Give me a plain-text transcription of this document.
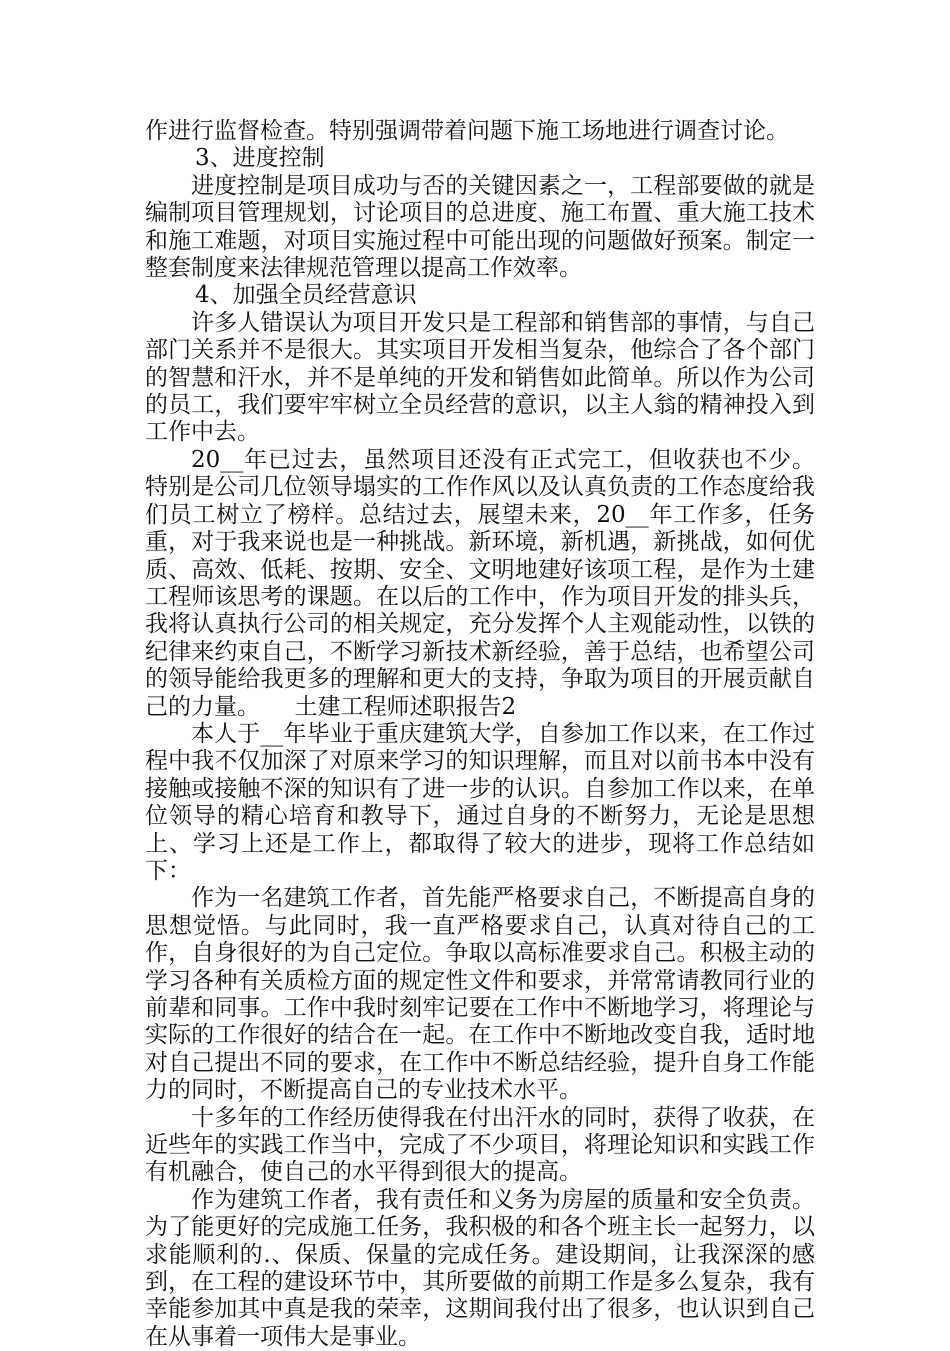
作进行监督检查。特别强调带着问题下施工场地进行调查讨论。

3、进度控制

进度控制是项目成功与否的关键因素之一，工程部要做的就是编制项目管理规划，讨论项目的总进度、施工布置、重大施工技术和施工难题，对项目实施过程中可能出现的问题做好预案。制定一整套制度来法律规范管理以提高工作效率。

4、加强全员经营意识

许多人错误认为项目开发只是工程部和销售部的事情，与自己部门关系并不是很大。其实项目开发相当复杂，他综合了各个部门的智慧和汗水，并不是单纯的开发和销售如此简单。所以作为公司的员工，我们要牢牢树立全员经营的意识，以主人翁的精神投入到工作中去。

20__年已过去，虽然项目还没有正式完工，但收获也不少。特别是公司几位领导塌实的工作作风以及认真负责的工作态度给我们员工树立了榜样。总结过去，展望未来，20__年工作多，任务重，对于我来说也是一种挑战。新环境，新机遇，新挑战，如何优质、高效、低耗、按期、安全、文明地建好该项工程，是作为土建工程师该思考的课题。在以后的工作中，作为项目开发的排头兵，我将认真执行公司的相关规定，充分发挥个人主观能动性，以铁的纪律来约束自己，不断学习新技术新经验，善于总结，也希望公司的领导能给我更多的理解和更大的支持，争取为项目的开展贡献自己的力量。　　土建工程师述职报告2

本人于__年毕业于重庆建筑大学，自参加工作以来，在工作过程中我不仅加深了对原来学习的知识理解，而且对以前书本中没有接触或接触不深的知识有了进一步的认识。自参加工作以来，在单位领导的精心培育和教导下，通过自身的不断努力，无论是思想上、学习上还是工作上，都取得了较大的进步，现将工作总结如下：

作为一名建筑工作者，首先能严格要求自己，不断提高自身的思想觉悟。与此同时，我一直严格要求自己，认真对待自己的工作，自身很好的为自己定位。争取以高标准要求自己。积极主动的学习各种有关质检方面的规定性文件和要求，并常常请教同行业的前辈和同事。工作中我时刻牢记要在工作中不断地学习，将理论与实际的工作很好的结合在一起。在工作中不断地改变自我，适时地对自己提出不同的要求，在工作中不断总结经验，提升自身工作能力的同时，不断提高自己的专业技术水平。

十多年的工作经历使得我在付出汗水的同时，获得了收获，在近些年的实践工作当中，完成了不少项目，将理论知识和实践工作有机融合，使自己的水平得到很大的提高。

作为建筑工作者，我有责任和义务为房屋的质量和安全负责。为了能更好的完成施工任务，我积极的和各个班主长一起努力，以求能顺利的.、保质、保量的完成任务。建设期间，让我深深的感到，在工程的建设环节中，其所要做的前期工作是多么复杂，我有幸能参加其中真是我的荣幸，这期间我付出了很多，也认识到自己在从事着一项伟大是事业。
